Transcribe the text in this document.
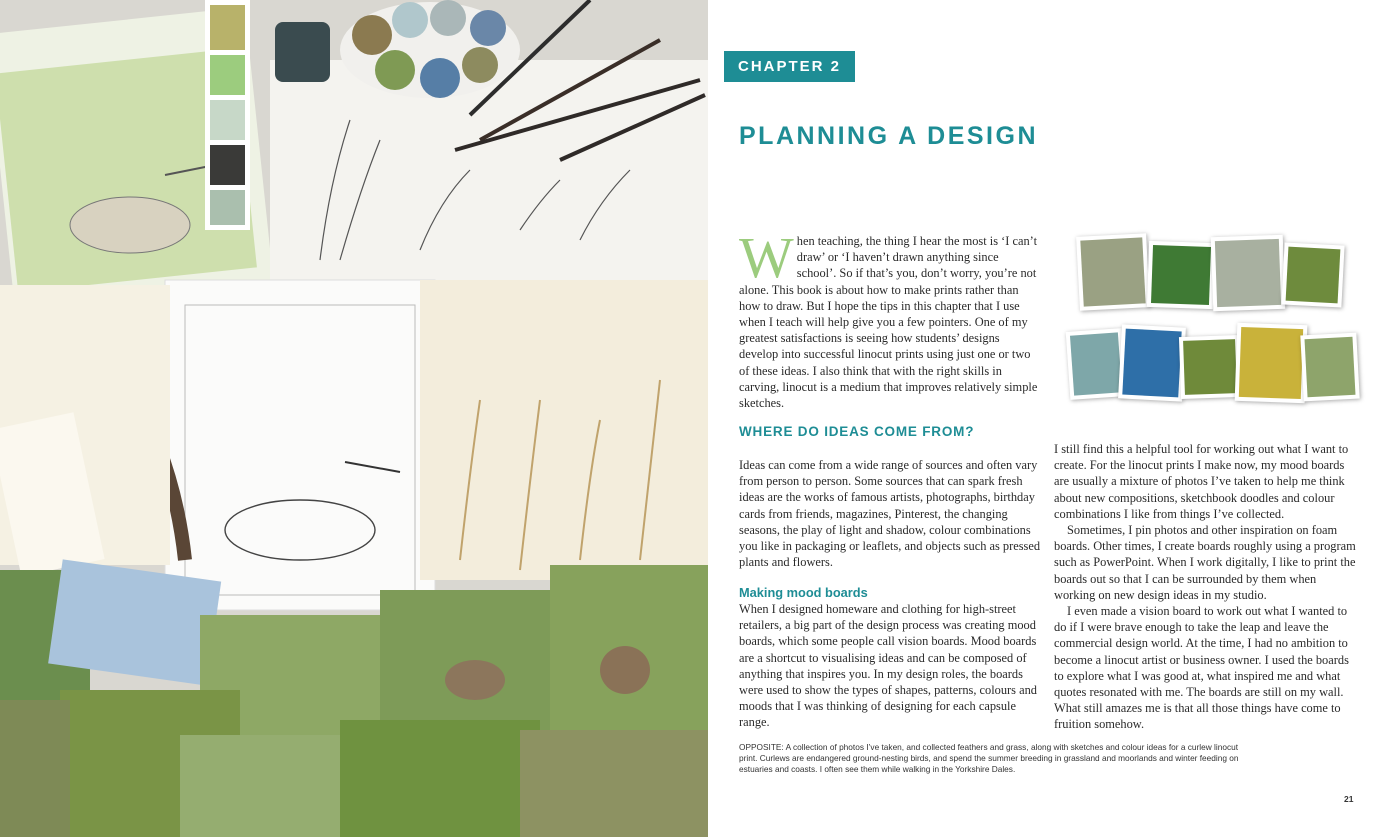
CHAPTER 2
PLANNING A DESIGN
W hen teaching, the thing I hear the most is ‘I can’t draw’ or ‘I haven’t drawn anything since school’. So if that’s you, don’t worry, you’re not alone. This book is about how to make prints rather than how to draw. But I hope the tips in this chapter that I use when I teach will help give you a few pointers. One of my greatest satisfactions is seeing how students’ designs develop into successful linocut prints using just one or two of these ideas. I also think that with the right skills in carving, linocut is a medium that improves relatively simple sketches.

WHERE DO IDEAS COME FROM?

Ideas can come from a wide range of sources and often vary from person to person. Some sources that can spark fresh ideas are the works of famous artists, photographs, birthday cards from friends, magazines, Pinterest, the changing seasons, the play of light and shadow, colour combinations you like in packaging or leaflets, and objects such as pressed plants and flowers.

Making mood boards

When I designed homeware and clothing for high-street retailers, a big part of the design process was creating mood boards, which some people call vision boards. Mood boards are a shortcut to visualising ideas and can be composed of anything that inspires you. In my design roles, the boards were used to show the types of shapes, patterns, colours and moods that I was thinking of designing for each capsule range.

I still find this a helpful tool for working out what I want to create. For the linocut prints I make now, my mood boards are usually a mixture of photos I’ve taken to help me think about new compositions, sketchbook doodles and colour combinations I like from things I’ve collected.

Sometimes, I pin photos and other inspiration on foam boards. Other times, I create boards roughly using a program such as PowerPoint. When I work digitally, I like to print the boards out so that I can be surrounded by them when working on new design ideas in my studio.

I even made a vision board to work out what I wanted to do if I were brave enough to take the leap and leave the commercial design world. At the time, I had no ambition to become a linocut artist or business owner. I used the boards to explore what I was good at, what inspired me and what quotes resonated with me. The boards are still on my wall. What still amazes me is that all those things have come to fruition somehow.

OPPOSITE: A collection of photos I’ve taken, and collected feathers and grass, along with sketches and colour ideas for a curlew linocut print. Curlews are endangered ground-nesting birds, and spend the summer breeding in grassland and moorlands and winter feeding on estuaries and coasts. I often see them while walking in the Yorkshire Dales.

21
